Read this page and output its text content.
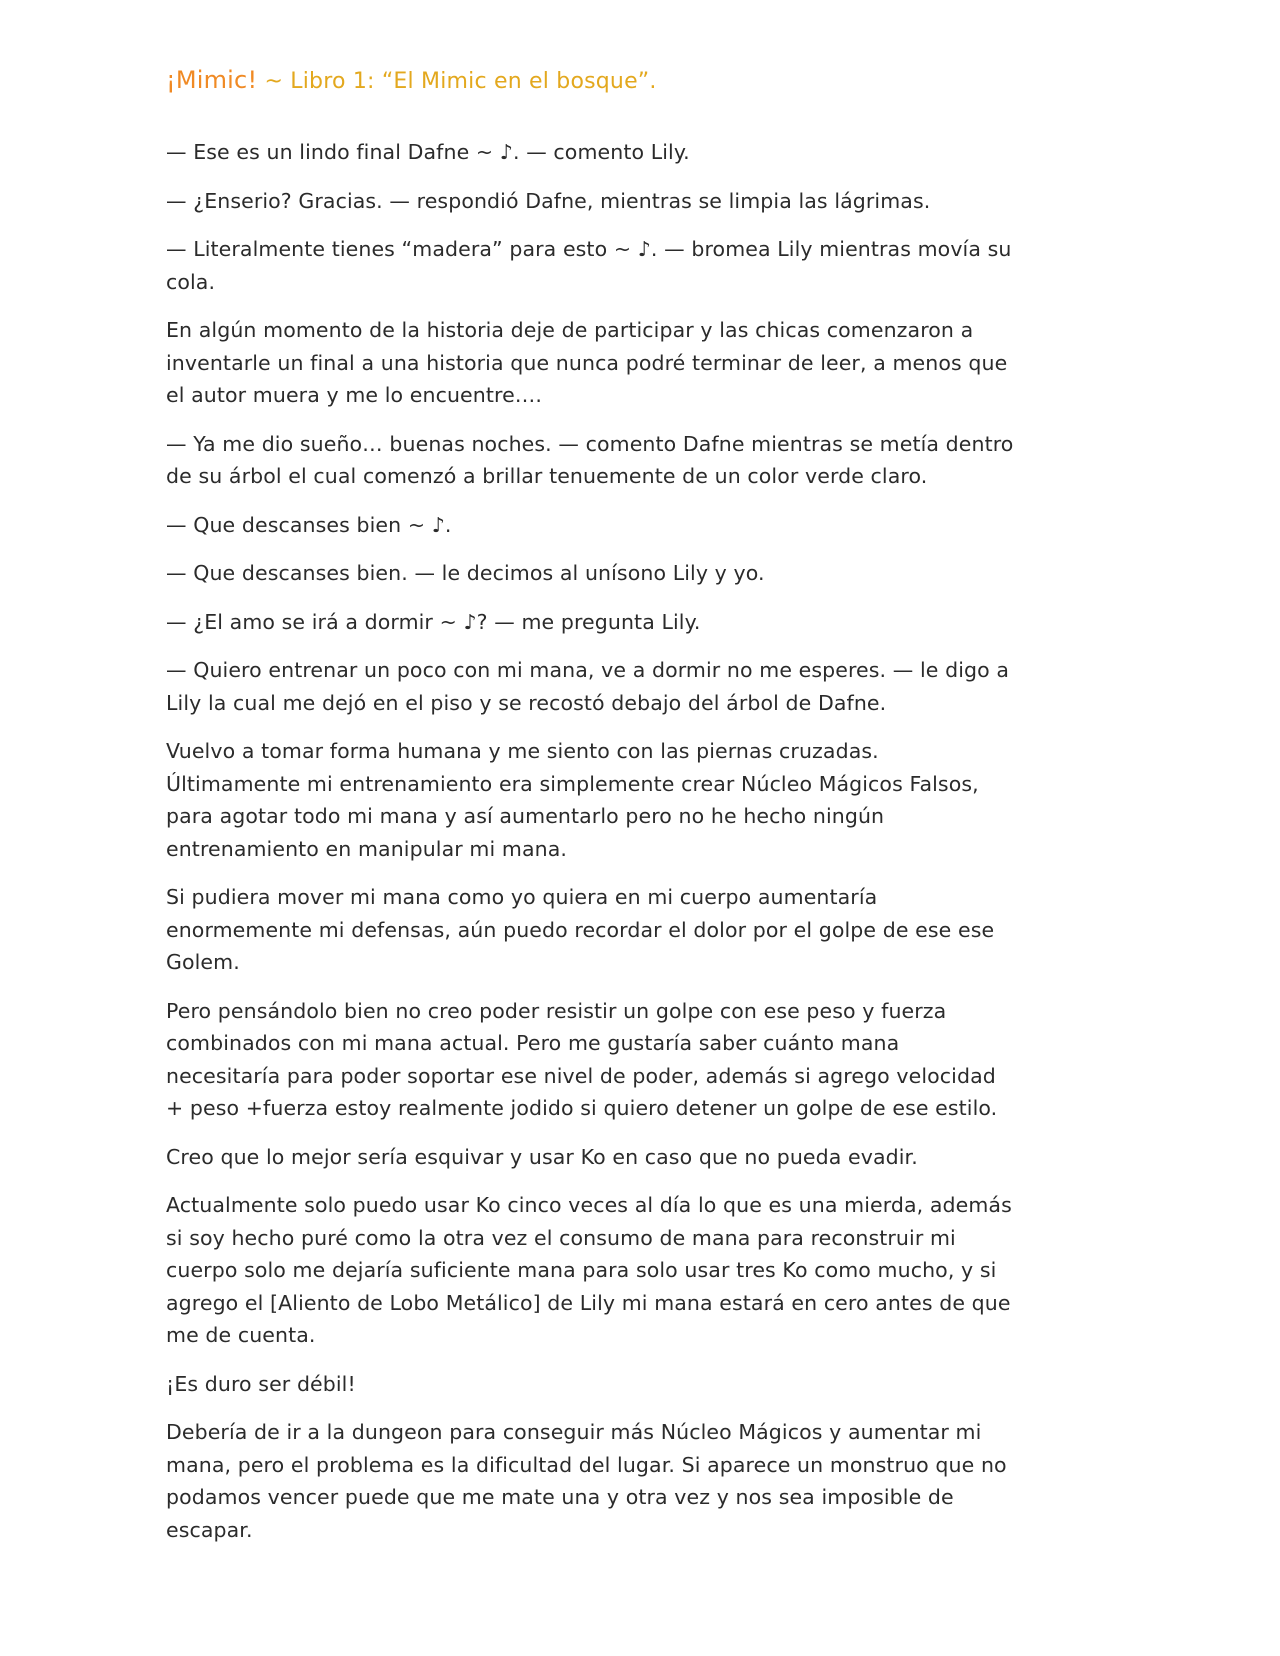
¡Mimic! ~ Libro 1: “El Mimic en el bosque”.

— Ese es un lindo final Dafne ~ ♪. — comento Lily.

— ¿Enserio? Gracias. — respondió Dafne, mientras se limpia las lágrimas.

— Literalmente tienes “madera” para esto ~ ♪. — bromea Lily mientras movía su cola.

En algún momento de la historia deje de participar y las chicas comenzaron a inventarle un final a una historia que nunca podré terminar de leer, a menos que el autor muera y me lo encuentre….

— Ya me dio sueño… buenas noches. — comento Dafne mientras se metía dentro de su árbol el cual comenzó a brillar tenuemente de un color verde claro.

— Que descanses bien ~ ♪.

— Que descanses bien. — le decimos al unísono Lily y yo.

— ¿El amo se irá a dormir ~ ♪? — me pregunta Lily.

— Quiero entrenar un poco con mi mana, ve a dormir no me esperes. — le digo a Lily la cual me dejó en el piso y se recostó debajo del árbol de Dafne.

Vuelvo a tomar forma humana y me siento con las piernas cruzadas. Últimamente mi entrenamiento era simplemente crear Núcleo Mágicos Falsos, para agotar todo mi mana y así aumentarlo pero no he hecho ningún entrenamiento en manipular mi mana.

Si pudiera mover mi mana como yo quiera en mi cuerpo aumentaría enormemente mi defensas, aún puedo recordar el dolor por el golpe de ese ese Golem.

Pero pensándolo bien no creo poder resistir un golpe con ese peso y fuerza combinados con mi mana actual. Pero me gustaría saber cuánto mana necesitaría para poder soportar ese nivel de poder, además si agrego velocidad + peso +fuerza estoy realmente jodido si quiero detener un golpe de ese estilo.

Creo que lo mejor sería esquivar y usar Ko en caso que no pueda evadir.

Actualmente solo puedo usar Ko cinco veces al día lo que es una mierda, además si soy hecho puré como la otra vez el consumo de mana para reconstruir mi cuerpo solo me dejaría suficiente mana para solo usar tres Ko como mucho, y si agrego el [Aliento de Lobo Metálico] de Lily mi mana estará en cero antes de que me de cuenta.

¡Es duro ser débil!

Debería de ir a la dungeon para conseguir más Núcleo Mágicos y aumentar mi mana, pero el problema es la dificultad del lugar. Si aparece un monstruo que no podamos vencer puede que me mate una y otra vez y nos sea imposible de escapar.
